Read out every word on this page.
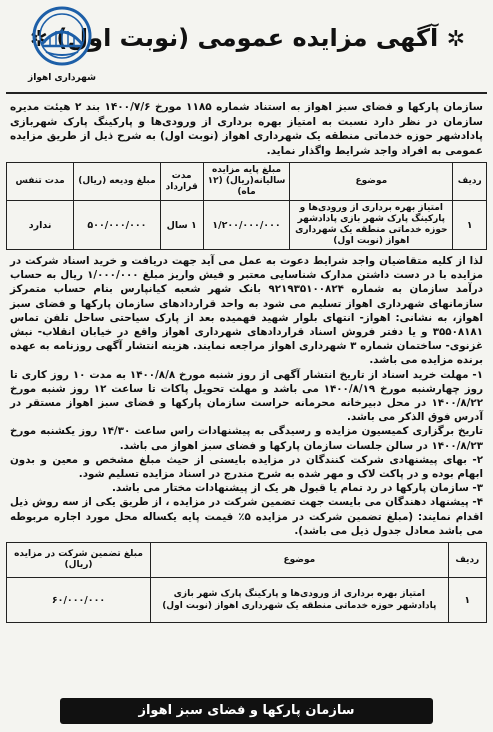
✲ آگهی مزایده عمومی (نوبت اول) ✲
شهرداری اهواز
سازمان پارکها و فضای سبز اهواز به استناد شماره ۱۱۸۵ مورخ ۱۴۰۰/۷/۶ بند ۲ هیئت مدیره سازمان در نظر دارد نسبت به امتیاز بهره برداری از ورودی‌ها و پارکینگ پارک شهربازی پادادشهر حوزه خدماتی منطقه یک شهرداری اهواز (نوبت اول) به شرح ذیل از طریق مزایده عمومی به افراد واجد شرایط واگذار نماید.
ردیف	موضوع	مبلغ پایه مزایده سالیانه(ریال) (۱۲ ماه)	مدت قرارداد	مبلغ ودیعه (ریال)	مدت تنفس
۱	امتیاز بهره برداری از ورودی‌ها و پارکینگ پارک شهر بازی پادادشهر حوزه خدماتی منطقه یک شهرداری اهواز (نوبت اول)	۱/۲۰۰/۰۰۰/۰۰۰	۱ سال	۵۰۰/۰۰۰/۰۰۰	ندارد

لذا از کلیه متقاضیان واجد شرایط دعوت به عمل می آید جهت دریافت و خرید اسناد شرکت در مزایده با در دست داشتن مدارک شناسایی معتبر و فیش واریز مبلغ ۱/۰۰۰/۰۰۰ ریال به حساب درآمد سازمان به شماره ۹۲۱۹۳۵۱۰۰۸۲۴ بانک شهر شعبه کیانپارس بنام حساب متمرکز سازمانهای شهرداری اهواز تسلیم می شود به واحد قراردادهای سازمان پارکها و فضای سبز اهواز، به نشانی: اهواز- انتهای بلوار شهید فهمیده بعد از پارک سیاحتی ساحل تلفن تماس ۳۵۵۰۸۱۸۱ و یا دفتر فروش اسناد قراردادهای شهرداری اهواز واقع در خیابان انقلاب- نبش غزنوی- ساختمان شماره ۳ شهرداری اهواز مراجعه نمایند. هزینه انتشار آگهی روزنامه به عهده برنده مزایده می باشد.

۱- مهلت خرید اسناد از تاریخ انتشار آگهی از روز شنبه مورخ ۱۴۰۰/۸/۸ به مدت ۱۰ روز کاری تا روز چهارشنبه مورخ ۱۴۰۰/۸/۱۹ می باشد و مهلت تحویل پاکات تا ساعت ۱۲ روز شنبه مورخ ۱۴۰۰/۸/۲۲ در محل دبیرخانه محرمانه حراست سازمان پارکها و فضای سبز اهواز مستقر در آدرس فوق الذکر می باشد.

تاریخ برگزاری کمیسیون مزایده و رسیدگی به پیشنهادات راس ساعت ۱۴/۳۰ روز یکشنبه مورخ ۱۴۰۰/۸/۲۳ در سالن جلسات سازمان پارکها و فضای سبز اهواز می باشد.

۲- بهای پیشنهادی شرکت کنندگان در مزایده بایستی از حیث مبلغ مشخص و معین و بدون ابهام بوده و در پاکت لاک و مهر شده به شرح مندرج در اسناد مزایده تسلیم شود.

۳- سازمان پارکها در رد تمام یا قبول هر یک از پیشنهادات مختار می باشد.

۴- پیشنهاد دهندگان می بایست جهت تضمین شرکت در مزایده ، از طریق یکی از سه روش ذیل اقدام نمایند: (مبلغ تضمین شرکت در مزایده ۵٪ قیمت پایه یکساله محل مورد اجاره مربوطه می باشد معادل جدول ذیل می باشد).

ردیف	موضوع	مبلغ تضمین شرکت در مزایده (ریال)
۱	امتیاز بهره برداری از ورودی‌ها و پارکینگ پارک شهر بازی پادادشهر حوزه خدماتی منطقه یک شهرداری اهواز (نوبت اول)	۶۰/۰۰۰/۰۰۰
سازمان پارکها و فضای سبز اهواز
